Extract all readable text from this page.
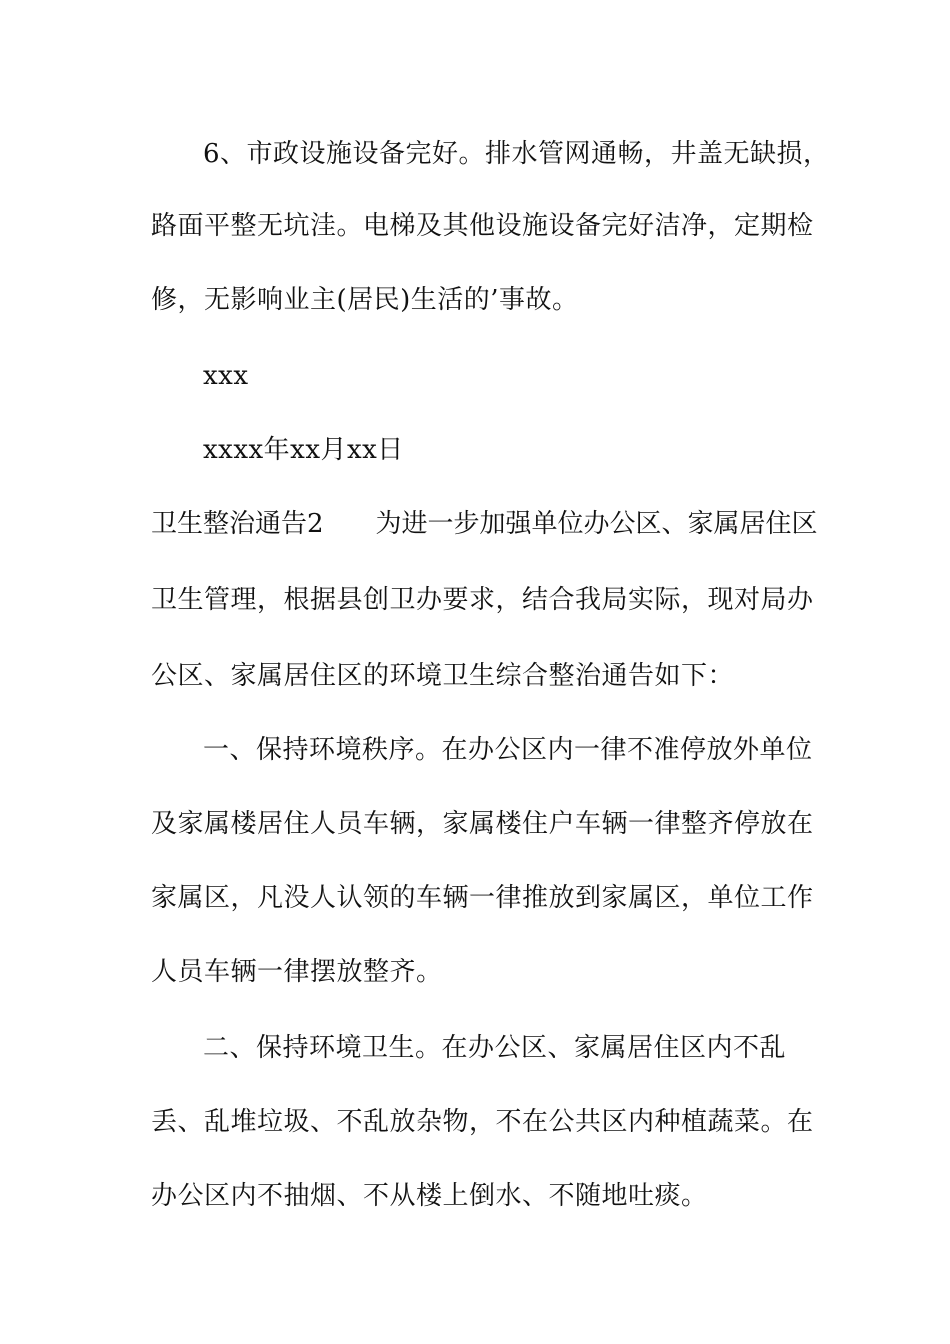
6、市政设施设备完好。排水管网通畅，井盖无缺损，
路面平整无坑洼。电梯及其他设施设备完好洁净，定期检
修，无影响业主(居民)生活的’事故。
xxx
xxxx年xx月xx日
卫生整治通告2 为进一步加强单位办公区、家属居住区
卫生管理，根据县创卫办要求，结合我局实际，现对局办
公区、家属居住区的环境卫生综合整治通告如下：
一、保持环境秩序。在办公区内一律不准停放外单位
及家属楼居住人员车辆，家属楼住户车辆一律整齐停放在
家属区，凡没人认领的车辆一律推放到家属区，单位工作
人员车辆一律摆放整齐。
二、保持环境卫生。在办公区、家属居住区内不乱
丢、乱堆垃圾、不乱放杂物，不在公共区内种植蔬菜。在
办公区内不抽烟、不从楼上倒水、不随地吐痰。
